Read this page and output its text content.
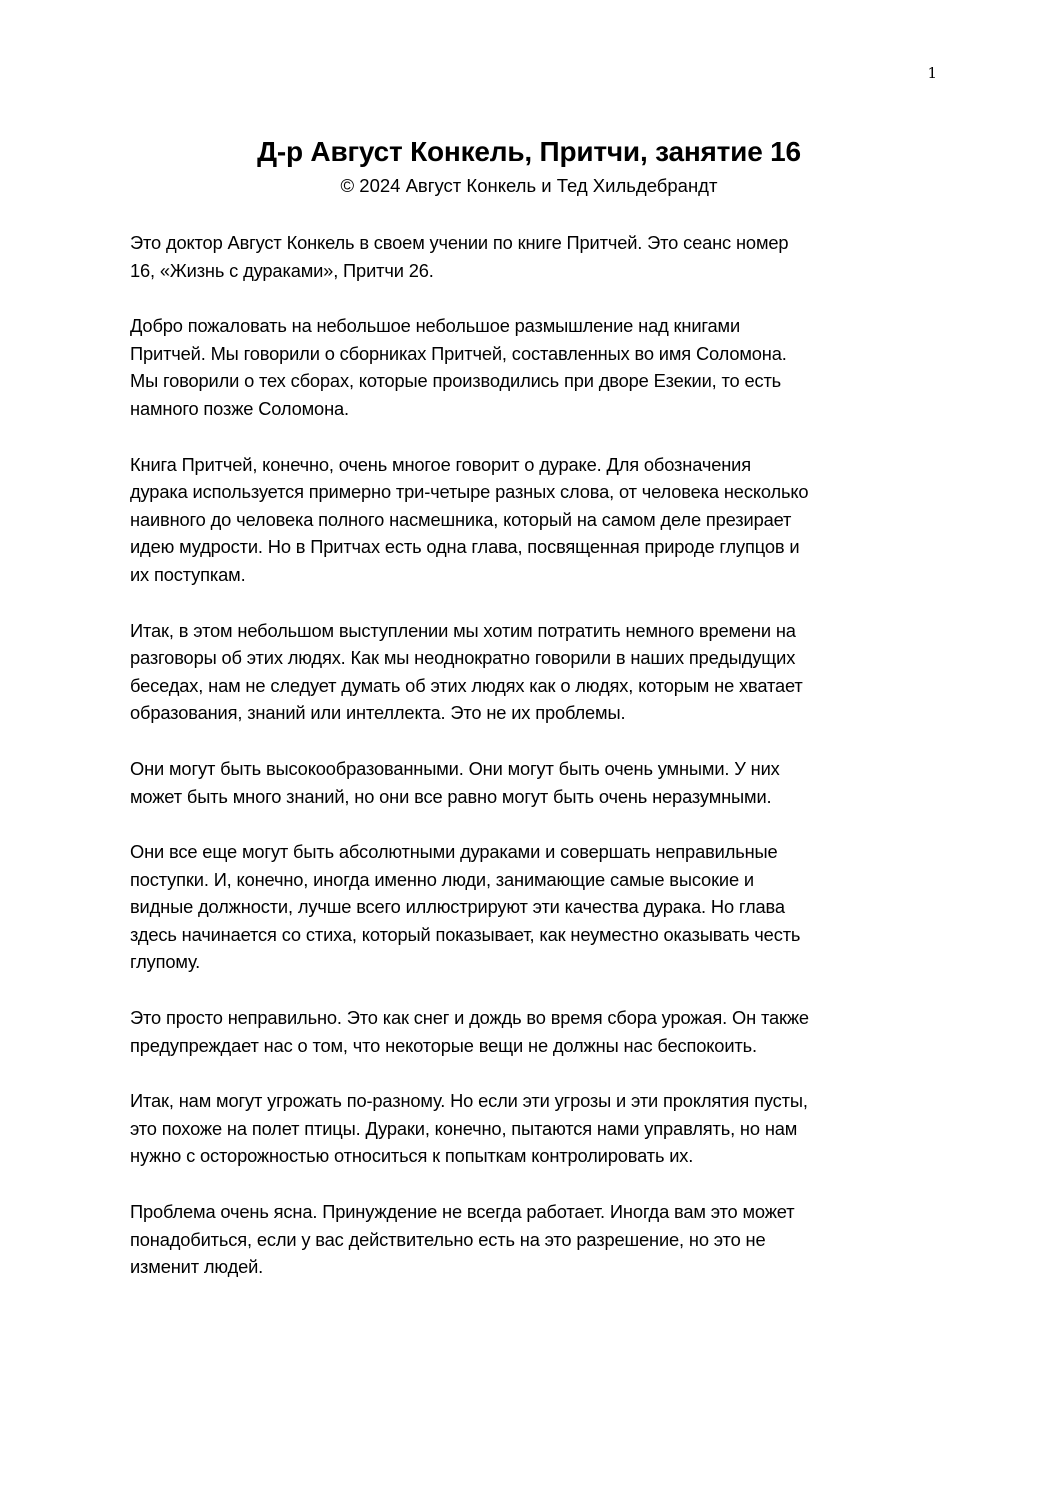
1
Д-р Август Конкель, Притчи, занятие 16
© 2024 Август Конкель и Тед Хильдебрандт

Это доктор Август Конкель в своем учении по книге Притчей. Это сеанс номер
16, «Жизнь с дураками», Притчи 26.

Добро пожаловать на небольшое небольшое размышление над книгами
Притчей. Мы говорили о сборниках Притчей, составленных во имя Соломона.
Мы говорили о тех сборах, которые производились при дворе Езекии, то есть
намного позже Соломона.

Книга Притчей, конечно, очень многое говорит о дураке. Для обозначения
дурака используется примерно три-четыре разных слова, от человека несколько
наивного до человека полного насмешника, который на самом деле презирает
идею мудрости. Но в Притчах есть одна глава, посвященная природе глупцов и
их поступкам.

Итак, в этом небольшом выступлении мы хотим потратить немного времени на
разговоры об этих людях. Как мы неоднократно говорили в наших предыдущих
беседах, нам не следует думать об этих людях как о людях, которым не хватает
образования, знаний или интеллекта. Это не их проблемы.

Они могут быть высокообразованными. Они могут быть очень умными. У них
может быть много знаний, но они все равно могут быть очень неразумными.

Они все еще могут быть абсолютными дураками и совершать неправильные
поступки. И, конечно, иногда именно люди, занимающие самые высокие и
видные должности, лучше всего иллюстрируют эти качества дурака. Но глава
здесь начинается со стиха, который показывает, как неуместно оказывать честь
глупому.

Это просто неправильно. Это как снег и дождь во время сбора урожая. Он также
предупреждает нас о том, что некоторые вещи не должны нас беспокоить.

Итак, нам могут угрожать по-разному. Но если эти угрозы и эти проклятия пусты,
это похоже на полет птицы. Дураки, конечно, пытаются нами управлять, но нам
нужно с осторожностью относиться к попыткам контролировать их.

Проблема очень ясна. Принуждение не всегда работает. Иногда вам это может
понадобиться, если у вас действительно есть на это разрешение, но это не
изменит людей.
